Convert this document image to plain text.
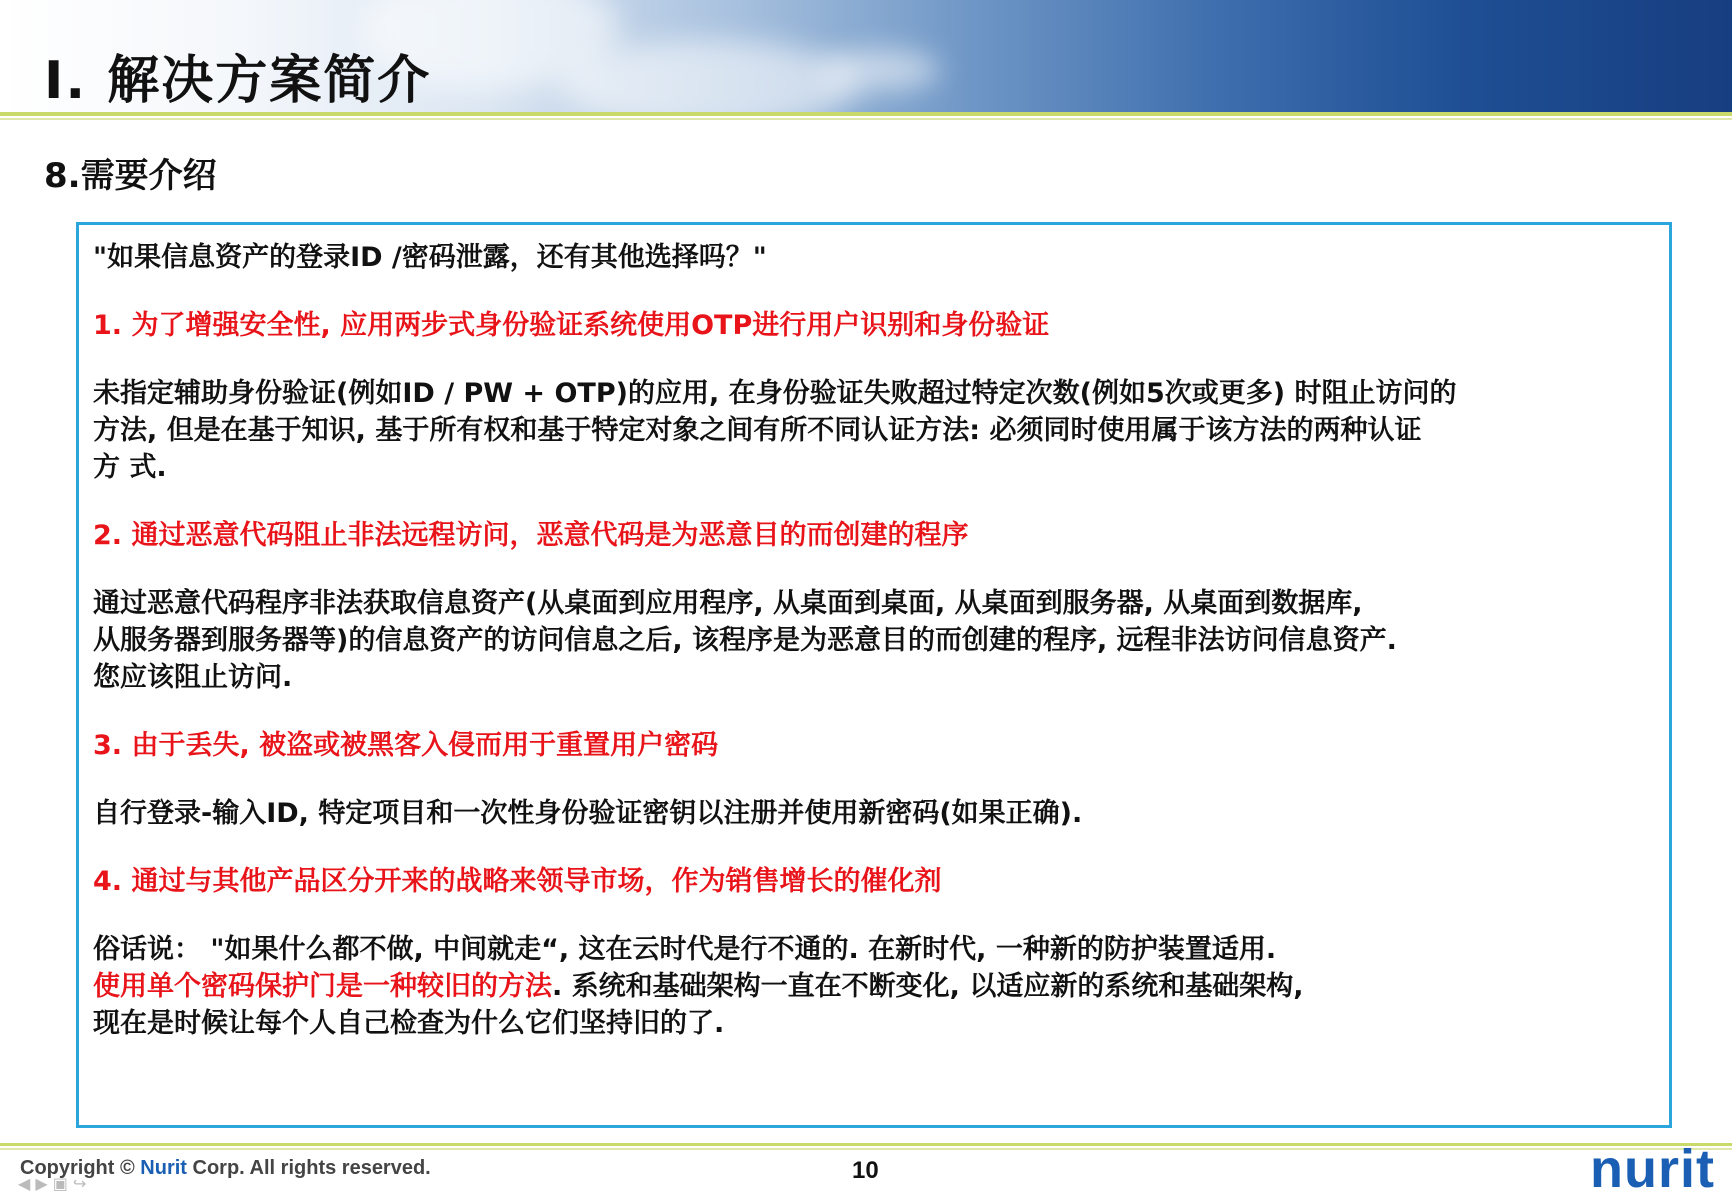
Ⅰ. 解决方案简介
8.需要介绍
"如果信息资产的登录ID /密码泄露，还有其他选择吗？"
1. 为了增强安全性, 应用两步式身份验证系统使用OTP进行用户识别和身份验证
未指定辅助身份验证(例如ID / PW + OTP)的应用, 在身份验证失败超过特定次数(例如5次或更多) 时阻止访问的
方法, 但是在基于知识, 基于所有权和基于特定对象之间有所不同认证方法: 必须同时使用属于该方法的两种认证
方 式.
2. 通过恶意代码阻止非法远程访问，恶意代码是为恶意目的而创建的程序
通过恶意代码程序非法获取信息资产(从桌面到应用程序, 从桌面到桌面, 从桌面到服务器, 从桌面到数据库,
从服务器到服务器等)的信息资产的访问信息之后, 该程序是为恶意目的而创建的程序, 远程非法访问信息资产.
您应该阻止访问.
3. 由于丢失, 被盗或被黑客入侵而用于重置用户密码
自行登录-输入ID, 特定项目和一次性身份验证密钥以注册并使用新密码(如果正确).
4. 通过与其他产品区分开来的战略来领导市场，作为销售增长的催化剂
俗话说： "如果什么都不做, 中间就走“, 这在云时代是行不通的. 在新时代, 一种新的防护装置适用.
使用单个密码保护门是一种较旧的方法. 系统和基础架构一直在不断变化, 以适应新的系统和基础架构,
现在是时候让每个人自己检查为什么它们坚持旧的了.
Copyright © Nurit Corp. All rights reserved.
◀ ▶ ▣ ↪	10	nurit
